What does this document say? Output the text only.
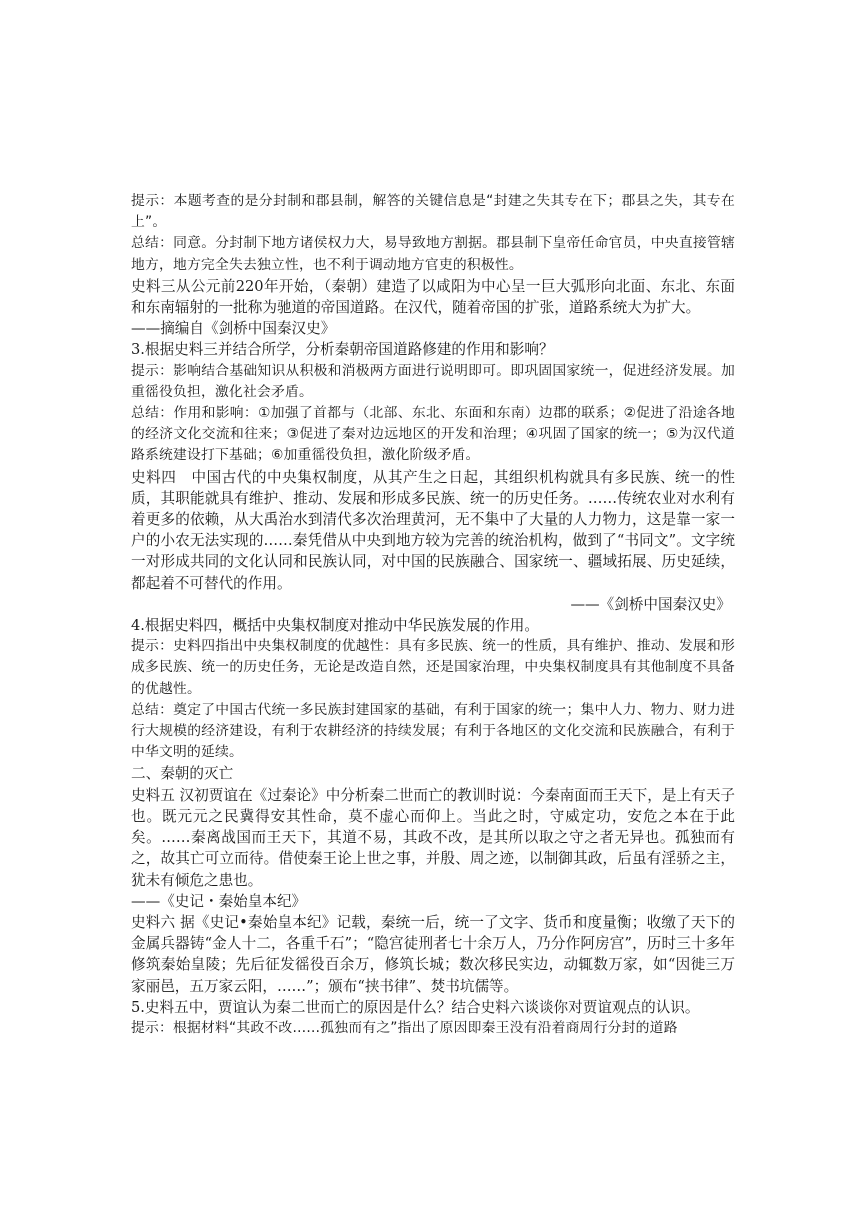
提示：本题考查的是分封制和郡县制，解答的关键信息是“封建之失其专在下；郡县之失，其专在上”。

总结：同意。分封制下地方诸侯权力大，易导致地方割据。郡县制下皇帝任命官员，中央直接管辖地方，地方完全失去独立性，也不利于调动地方官吏的积极性。

史料三从公元前220年开始，（秦朝）建造了以咸阳为中心呈一巨大弧形向北面、东北、东面和东南辐射的一批称为驰道的帝国道路。在汉代，随着帝国的扩张，道路系统大为扩大。

——摘编自《剑桥中国秦汉史》

3.根据史料三并结合所学，分析秦朝帝国道路修建的作用和影响？

提示：影响结合基础知识从积极和消极两方面进行说明即可。即巩固国家统一，促进经济发展。加重徭役负担，激化社会矛盾。

总结：作用和影响：①加强了首都与（北部、东北、东面和东南）边郡的联系；②促进了沿途各地的经济文化交流和往来；③促进了秦对边远地区的开发和治理；④巩固了国家的统一；⑤为汉代道路系统建设打下基础；⑥加重徭役负担，激化阶级矛盾。

史料四　中国古代的中央集权制度，从其产生之日起，其组织机构就具有多民族、统一的性质，其职能就具有维护、推动、发展和形成多民族、统一的历史任务。……传统农业对水利有着更多的依赖，从大禹治水到清代多次治理黄河，无不集中了大量的人力物力，这是靠一家一户的小农无法实现的……秦凭借从中央到地方较为完善的统治机构，做到了“书同文”。文字统一对形成共同的文化认同和民族认同，对中国的民族融合、国家统一、疆域拓展、历史延续，都起着不可替代的作用。

——《剑桥中国秦汉史》

4.根据史料四，概括中央集权制度对推动中华民族发展的作用。

提示：史料四指出中央集权制度的优越性：具有多民族、统一的性质，具有维护、推动、发展和形成多民族、统一的历史任务，无论是改造自然，还是国家治理，中央集权制度具有其他制度不具备的优越性。

总结：奠定了中国古代统一多民族封建国家的基础，有利于国家的统一；集中人力、物力、财力进行大规模的经济建设，有利于农耕经济的持续发展；有利于各地区的文化交流和民族融合，有利于中华文明的延续。

二、秦朝的灭亡

史料五 汉初贾谊在《过秦论》中分析秦二世而亡的教训时说：今秦南面而王天下，是上有天子也。既元元之民冀得安其性命，莫不虚心而仰上。当此之时，守威定功，安危之本在于此矣。……秦离战国而王天下，其道不易，其政不改，是其所以取之守之者无异也。孤独而有之，故其亡可立而待。借使秦王论上世之事，并殷、周之迹，以制御其政，后虽有淫骄之主，犹未有倾危之患也。

——《史记・秦始皇本纪》

史料六 据《史记•秦始皇本纪》记载，秦统一后，统一了文字、货币和度量衡；收缴了天下的金属兵器铸“金人十二，各重千石”；“隐宫徒刑者七十余万人，乃分作阿房宫”，历时三十多年修筑秦始皇陵；先后征发徭役百余万，修筑长城；数次移民实边，动辄数万家，如“因徙三万家丽邑，五万家云阳，……”；颁布“挟书律”、焚书坑儒等。

5.史料五中，贾谊认为秦二世而亡的原因是什么？结合史料六谈谈你对贾谊观点的认识。

提示：根据材料“其政不改……孤独而有之”指出了原因即秦王没有沿着商周行分封的道路
